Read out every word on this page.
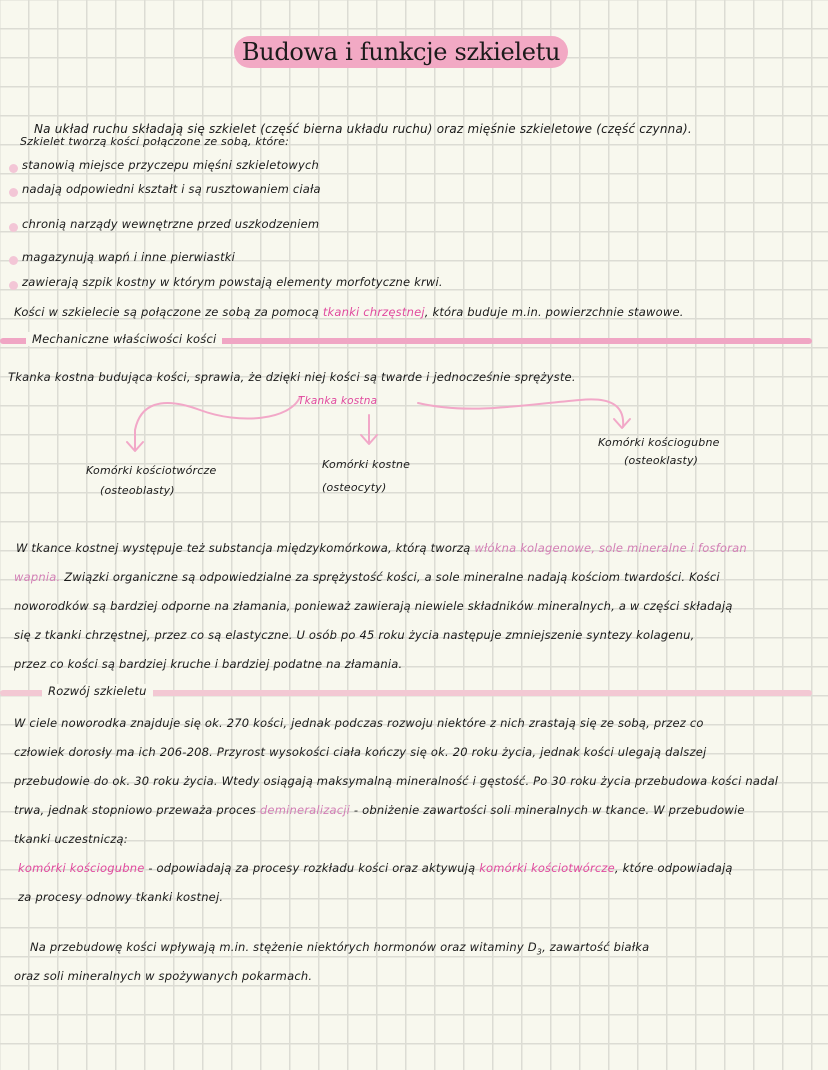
Budowa i funkcje szkieletu
Na układ ruchu składają się szkielet (część bierna układu ruchu) oraz mięśnie szkieletowe (część czynna).
Szkielet tworzą kości połączone ze sobą, które:
stanowią miejsce przyczepu mięśni szkieletowych
nadają odpowiedni kształt i są rusztowaniem ciała
chronią narządy wewnętrzne przed uszkodzeniem
magazynują wapń i inne pierwiastki
zawierają szpik kostny w którym powstają elementy morfotyczne krwi.
Kości w szkielecie są połączone ze sobą za pomocą tkanki chrzęstnej, która buduje m.in. powierzchnie stawowe.
Mechaniczne właściwości kości
Tkanka kostna budująca kości, sprawia, że dzięki niej kości są twarde i jednocześnie sprężyste.
Tkanka kostna
Komórki kościotwórcze
(osteoblasty)
Komórki kostne
(osteocyty)
Komórki kościogubne
(osteoklasty)
W tkance kostnej występuje też substancja międzykomórkowa, którą tworzą włókna kolagenowe, sole mineralne i fosforan
wapnia. Związki organiczne są odpowiedzialne za sprężystość kości, a sole mineralne nadają kościom twardości. Kości
noworodków są bardziej odporne na złamania, ponieważ zawierają niewiele składników mineralnych, a w części składają
się z tkanki chrzęstnej, przez co są elastyczne. U osób po 45 roku życia następuje zmniejszenie syntezy kolagenu,
przez co kości są bardziej kruche i bardziej podatne na złamania.
Rozwój szkieletu
W ciele noworodka znajduje się ok. 270 kości, jednak podczas rozwoju niektóre z nich zrastają się ze sobą, przez co
człowiek dorosły ma ich 206-208. Przyrost wysokości ciała kończy się ok. 20 roku życia, jednak kości ulegają dalszej
przebudowie do ok. 30 roku życia. Wtedy osiągają maksymalną mineralność i gęstość. Po 30 roku życia przebudowa kości nadal
trwa, jednak stopniowo przeważa proces demineralizacji - obniżenie zawartości soli mineralnych w tkance. W przebudowie
tkanki uczestniczą:
komórki kościogubne - odpowiadają za procesy rozkładu kości oraz aktywują komórki kościotwórcze, które odpowiadają
za procesy odnowy tkanki kostnej.
Na przebudowę kości wpływają m.in. stężenie niektórych hormonów oraz witaminy $D_3$, zawartość białka
oraz soli mineralnych w spożywanych pokarmach.
